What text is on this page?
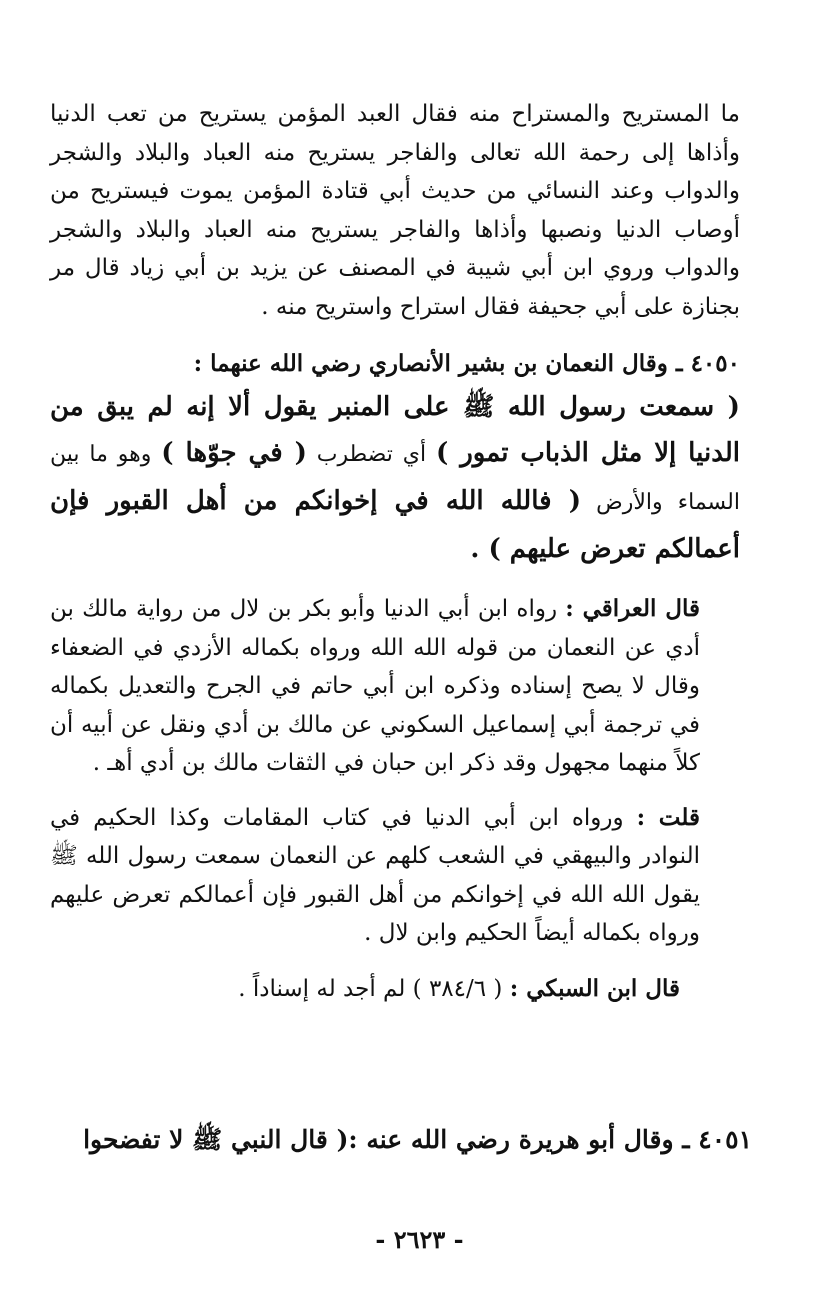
ما المستريح والمستراح منه فقال العبد المؤمن يستريح من تعب الدنيا وأذاها إلى رحمة الله تعالى والفاجر يستريح منه العباد والبلاد والشجر والدواب وعند النسائي من حديث أبي قتادة المؤمن يموت فيستريح من أوصاب الدنيا ونصبها وأذاها والفاجر يستريح منه العباد والبلاد والشجر والدواب وروي ابن أبي شيبة في المصنف عن يزيد بن أبي زياد قال مر بجنازة على أبي جحيفة فقال استراح واستريح منه .

٤٠٥٠ ـ وقال النعمان بن بشير الأنصاري رضي الله عنهما :

( سمعت رسول الله ﷺ على المنبر يقول ألا إنه لم يبق من الدنيا إلا مثل الذباب تمور ) أي تضطرب ( في جوّها ) وهو ما بين السماء والأرض ( فالله الله في إخوانكم من أهل القبور فإن أعمالكم تعرض عليهم ) .

قال العراقي : رواه ابن أبي الدنيا وأبو بكر بن لال من رواية مالك بن أدي عن النعمان من قوله الله الله ورواه بكماله الأزدي في الضعفاء وقال لا يصح إسناده وذكره ابن أبي حاتم في الجرح والتعديل بكماله في ترجمة أبي إسماعيل السكوني عن مالك بن أدي ونقل عن أبيه أن كلاً منهما مجهول وقد ذكر ابن حبان في الثقات مالك بن أدي أهـ .

قلت : ورواه ابن أبي الدنيا في كتاب المقامات وكذا الحكيم في النوادر والبيهقي في الشعب كلهم عن النعمان سمعت رسول الله ﷺ يقول الله الله في إخوانكم من أهل القبور فإن أعمالكم تعرض عليهم ورواه بكماله أيضاً الحكيم وابن لال .

قال ابن السبكي : ( ٣٨٤/٦ ) لم أجد له إسناداً .

٤٠٥١ ـ وقال أبو هريرة رضي الله عنه :( قال النبي ﷺ لا تفضحوا

- ٢٦٢٣ -
